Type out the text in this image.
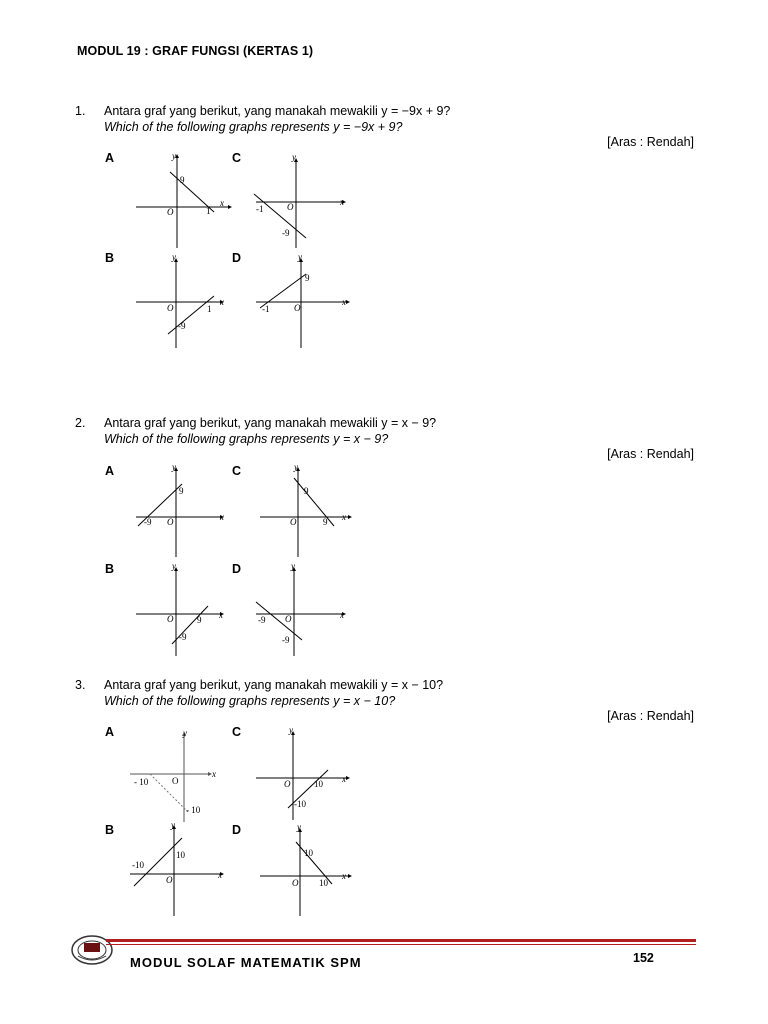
MODUL 19 : GRAF FUNGSI (KERTAS 1)
1. Antara graf yang berikut, yang manakah mewakili y = −9x + 9?
Which of the following graphs represents y = −9x + 9?
[Aras : Rendah]
A	C
B	D
y
x
O
9
1
y
x
O
-1
-9
y
x
O	1
-9
y
x
O
9
-1
2. Antara graf yang berikut, yang manakah mewakili y = x − 9?
Which of the following graphs represents y = x − 9?
[Aras : Rendah]
A	C
B	D
y
x
O
9
-9
y
x
O
9
9
y
x
O	9
-9
y
x
O
-9
-9
3. Antara graf yang berikut, yang manakah mewakili y = x − 10?
Which of the following graphs represents y = x − 10?
[Aras : Rendah]
A	C
B	D
y
x
O
- 10
- 10
y
x
O	10
-10
y
x
O
-10
10
y
x
O
10
10
MODUL SOLAF MATEMATIK SPM	152
